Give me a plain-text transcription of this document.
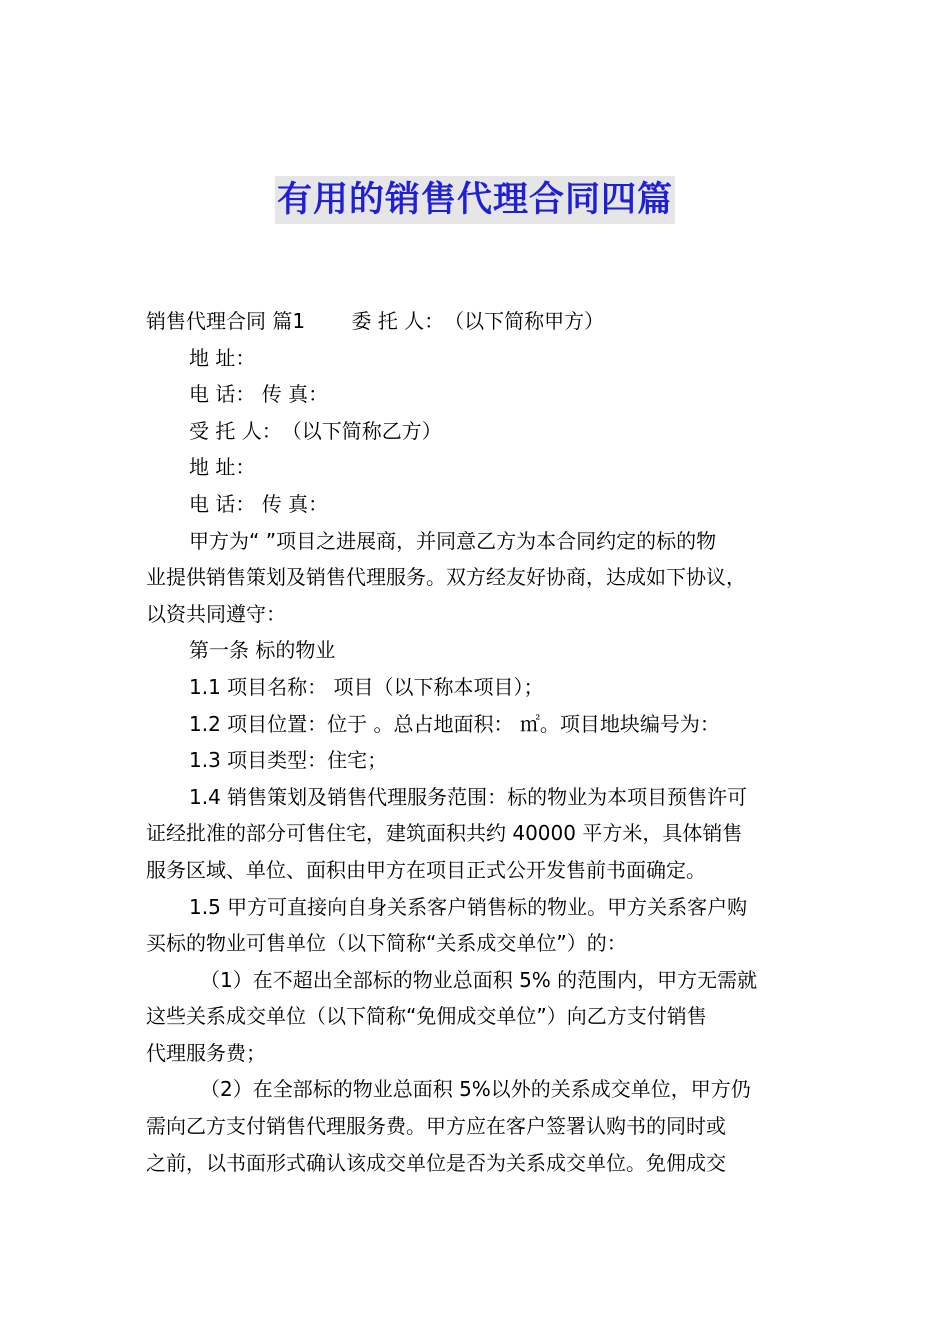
有用的销售代理合同四篇
销售代理合同 篇1　　 委 托 人：　（以下简称甲方）
地 址：
电 话： 传 真：
受 托 人：　（以下简称乙方）
地 址：
电 话： 传 真：
甲方为“ ”项目之进展商，并同意乙方为本合同约定的标的物
业提供销售策划及销售代理服务。双方经友好协商，达成如下协议，
以资共同遵守：
第一条 标的物业
1.1 项目名称： 项目（以下称本项目）；
1.2 项目位置：位于 。总占地面积： ㎡。项目地块编号为：
1.3 项目类型：住宅；
1.4 销售策划及销售代理服务范围：标的物业为本项目预售许可
证经批准的部分可售住宅，建筑面积共约 40000 平方米，具体销售
服务区域、单位、面积由甲方在项目正式公开发售前书面确定。
1.5 甲方可直接向自身关系客户销售标的物业。甲方关系客户购
买标的物业可售单位（以下简称“关系成交单位”）的：
（1）在不超出全部标的物业总面积 5% 的范围内，甲方无需就
这些关系成交单位（以下简称“免佣成交单位”）向乙方支付销售
代理服务费；
（2）在全部标的物业总面积 5%以外的关系成交单位，甲方仍
需向乙方支付销售代理服务费。甲方应在客户签署认购书的同时或
之前，以书面形式确认该成交单位是否为关系成交单位。免佣成交
